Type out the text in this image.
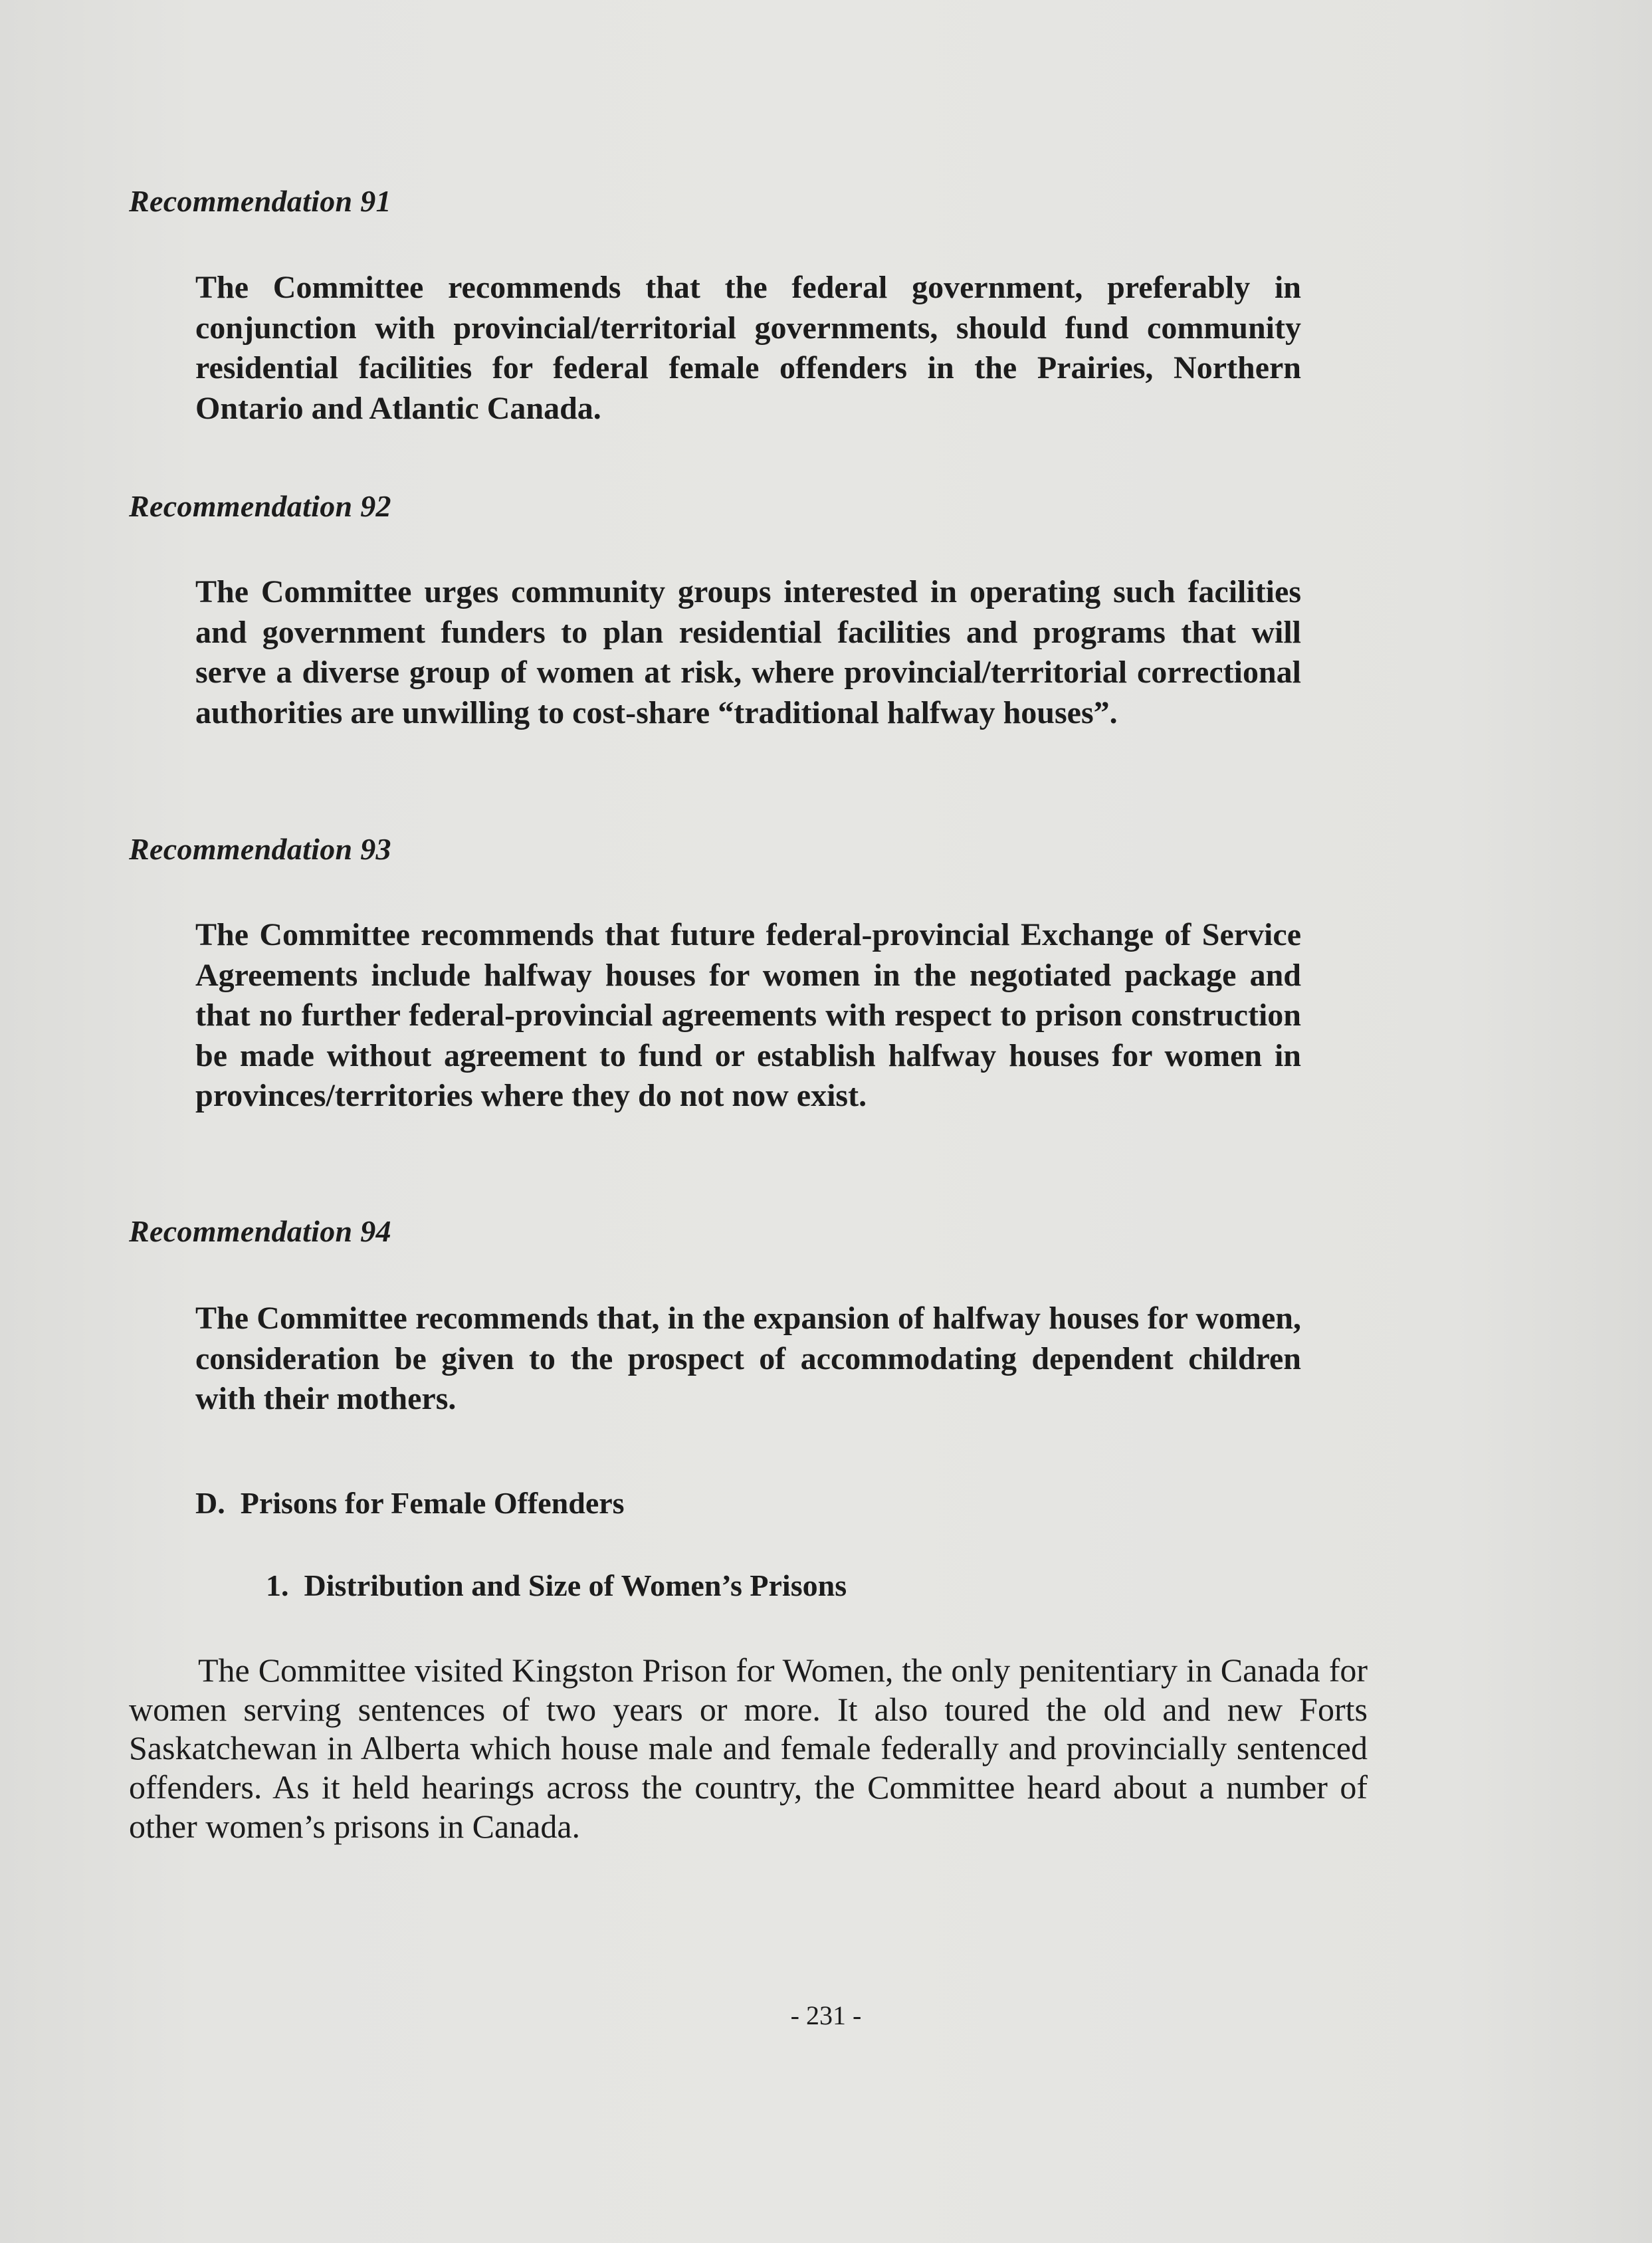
Recommendation 91

The Committee recommends that the federal government, preferably in conjunction with provincial/territorial governments, should fund community residential facilities for federal female offenders in the Prairies, Northern Ontario and Atlantic Canada.

Recommendation 92

The Committee urges community groups interested in operating such facilities and government funders to plan residential facilities and programs that will serve a diverse group of women at risk, where provincial/territorial correctional authorities are unwilling to cost-share “traditional halfway houses”.

Recommendation 93

The Committee recommends that future federal-provincial Exchange of Service Agreements include halfway houses for women in the negotiated package and that no further federal-provincial agreements with respect to prison construction be made without agreement to fund or establish halfway houses for women in provinces/territories where they do not now exist.

Recommendation 94

The Committee recommends that, in the expansion of halfway houses for women, consideration be given to the prospect of accommodating dependent children with their mothers.

D.  Prisons for Female Offenders

1.  Distribution and Size of Women’s Prisons

The Committee visited Kingston Prison for Women, the only penitentiary in Canada for women serving sentences of two years or more. It also toured the old and new Forts Saskatchewan in Alberta which house male and female federally and provincially sentenced offenders. As it held hearings across the country, the Committee heard about a number of other women’s prisons in Canada.

- 231 -
